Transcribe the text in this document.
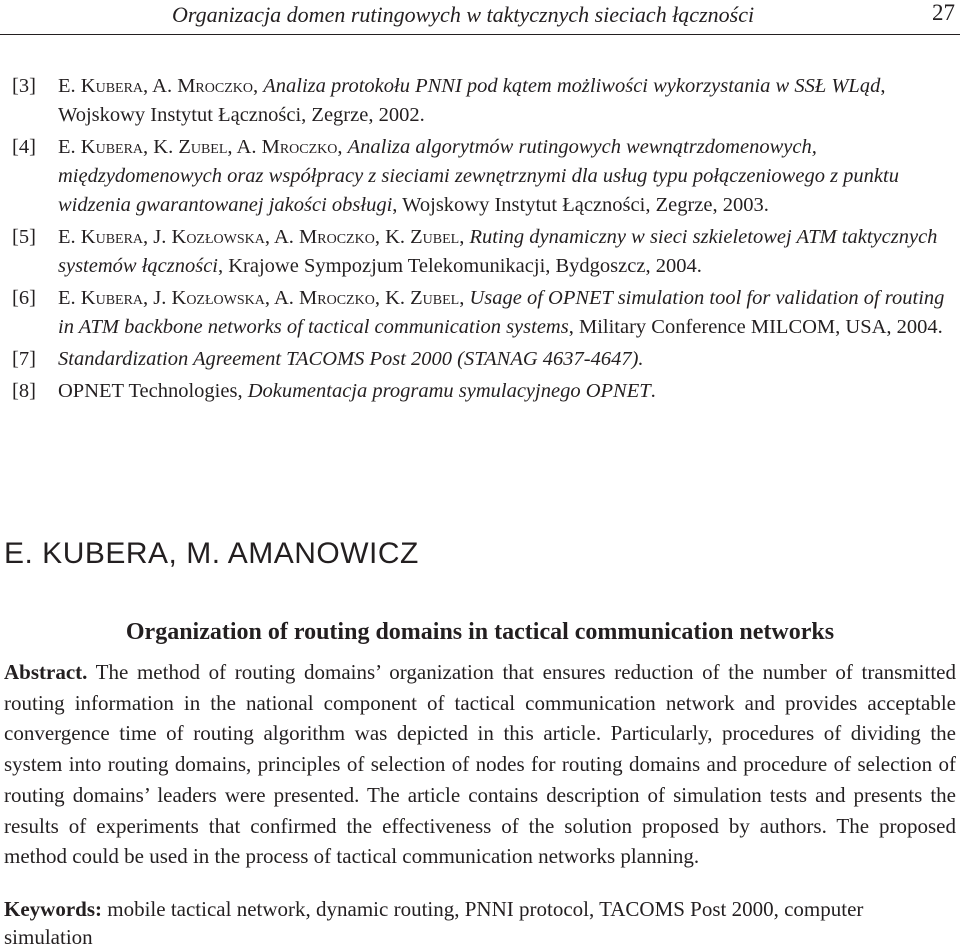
Organizacja domen rutingowych w taktycznych sieciach łączności	27
[3]	E. Kubera, A. Mroczko, Analiza protokołu PNNI pod kątem możliwości wykorzystania w SSŁ WLąd, Wojskowy Instytut Łączności, Zegrze, 2002.
[4]	E. Kubera, K. Zubel, A. Mroczko, Analiza algorytmów rutingowych wewnątrzdomenowych, międzydomenowych oraz współpracy z sieciami zewnętrznymi dla usług typu połączeniowego z punktu widzenia gwarantowanej jakości obsługi, Wojskowy Instytut Łączności, Zegrze, 2003.
[5]	E. Kubera, J. Kozłowska, A. Mroczko, K. Zubel, Ruting dynamiczny w sieci szkieletowej ATM taktycznych systemów łączności, Krajowe Sympozjum Telekomunikacji, Bydgoszcz, 2004.
[6]	E. Kubera, J. Kozłowska, A. Mroczko, K. Zubel, Usage of OPNET simulation tool for validation of routing in ATM backbone networks of tactical communication systems, Military Conference MILCOM, USA, 2004.
[7]	Standardization Agreement TACOMS Post 2000 (STANAG 4637-4647).
[8]	OPNET Technologies, Dokumentacja programu symulacyjnego OPNET.
E. KUBERA, M. AMANOWICZ
Organization of routing domains in tactical communication networks
Abstract. The method of routing domains’ organization that ensures reduction of the number of transmitted routing information in the national component of tactical communication network and provides acceptable convergence time of routing algorithm was depicted in this article. Particularly, procedures of dividing the system into routing domains, principles of selection of nodes for routing domains and procedure of selection of routing domains’ leaders were presented. The article contains description of simulation tests and presents the results of experiments that confirmed the effectiveness of the solution proposed by authors. The proposed method could be used in the process of tactical communication networks planning.
Keywords: mobile tactical network, dynamic routing, PNNI protocol, TACOMS Post 2000, computer simulation
